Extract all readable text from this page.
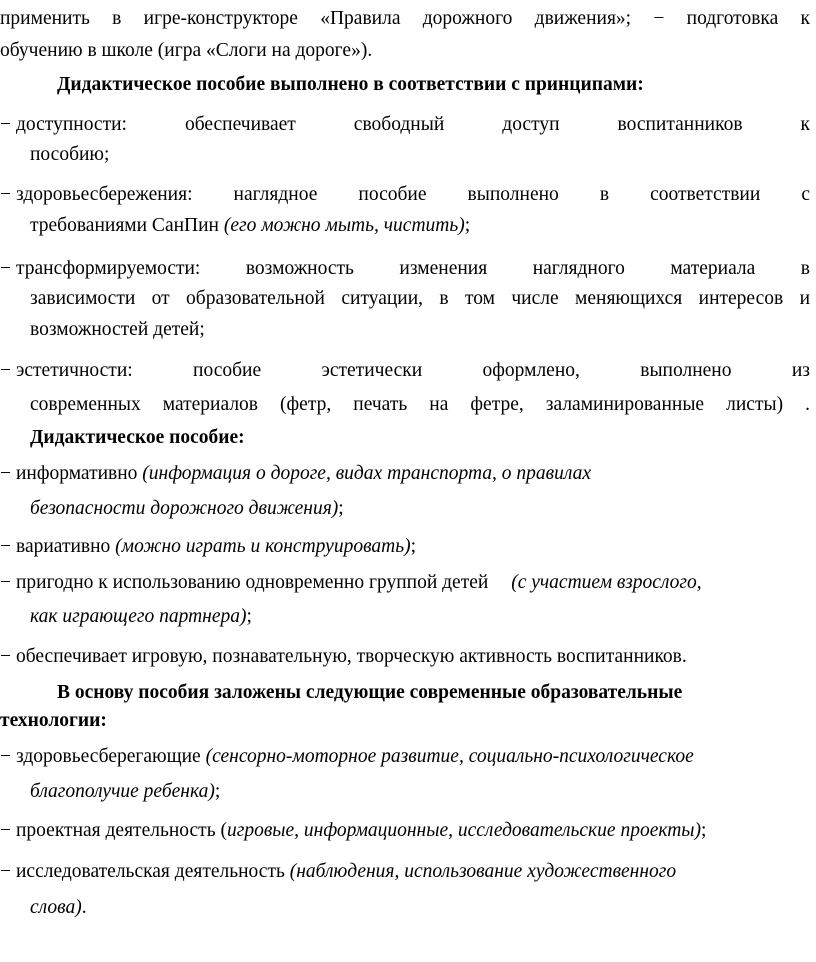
применить в игре-конструкторе «Правила дорожного движения»; − подготовка к
обучению в школе (игра «Слоги на дороге»).
Дидактическое пособие выполнено в соответствии с принципами:
− доступности: обеспечивает свободный доступ воспитанников к
пособию;
− здоровьесбережения: наглядное пособие выполнено в соответствии с
требованиями СанПин (его можно мыть, чистить);
− трансформируемости: возможность изменения наглядного материала в
зависимости от образовательной ситуации, в том числе меняющихся интересов и
возможностей детей;
− эстетичности: пособие эстетически оформлено, выполнено из
современных материалов (фетр, печать на фетре, заламинированные листы) .
Дидактическое пособие:
− информативно (информация о дороге, видах транспорта, о правилах
безопасности дорожного движения);
− вариативно (можно играть и конструировать);
− пригодно к использованию одновременно группой детей (с участием взрослого,
как играющего партнера);
− обеспечивает игровую, познавательную, творческую активность воспитанников.
В основу пособия заложены следующие современные образовательные
технологии:
− здоровьесберегающие (сенсорно-моторное развитие, социально-психологическое
благополучие ребенка);
− проектная деятельность (игровые, информационные, исследовательские проекты);
− исследовательская деятельность (наблюдения, использование художественного
слова).
